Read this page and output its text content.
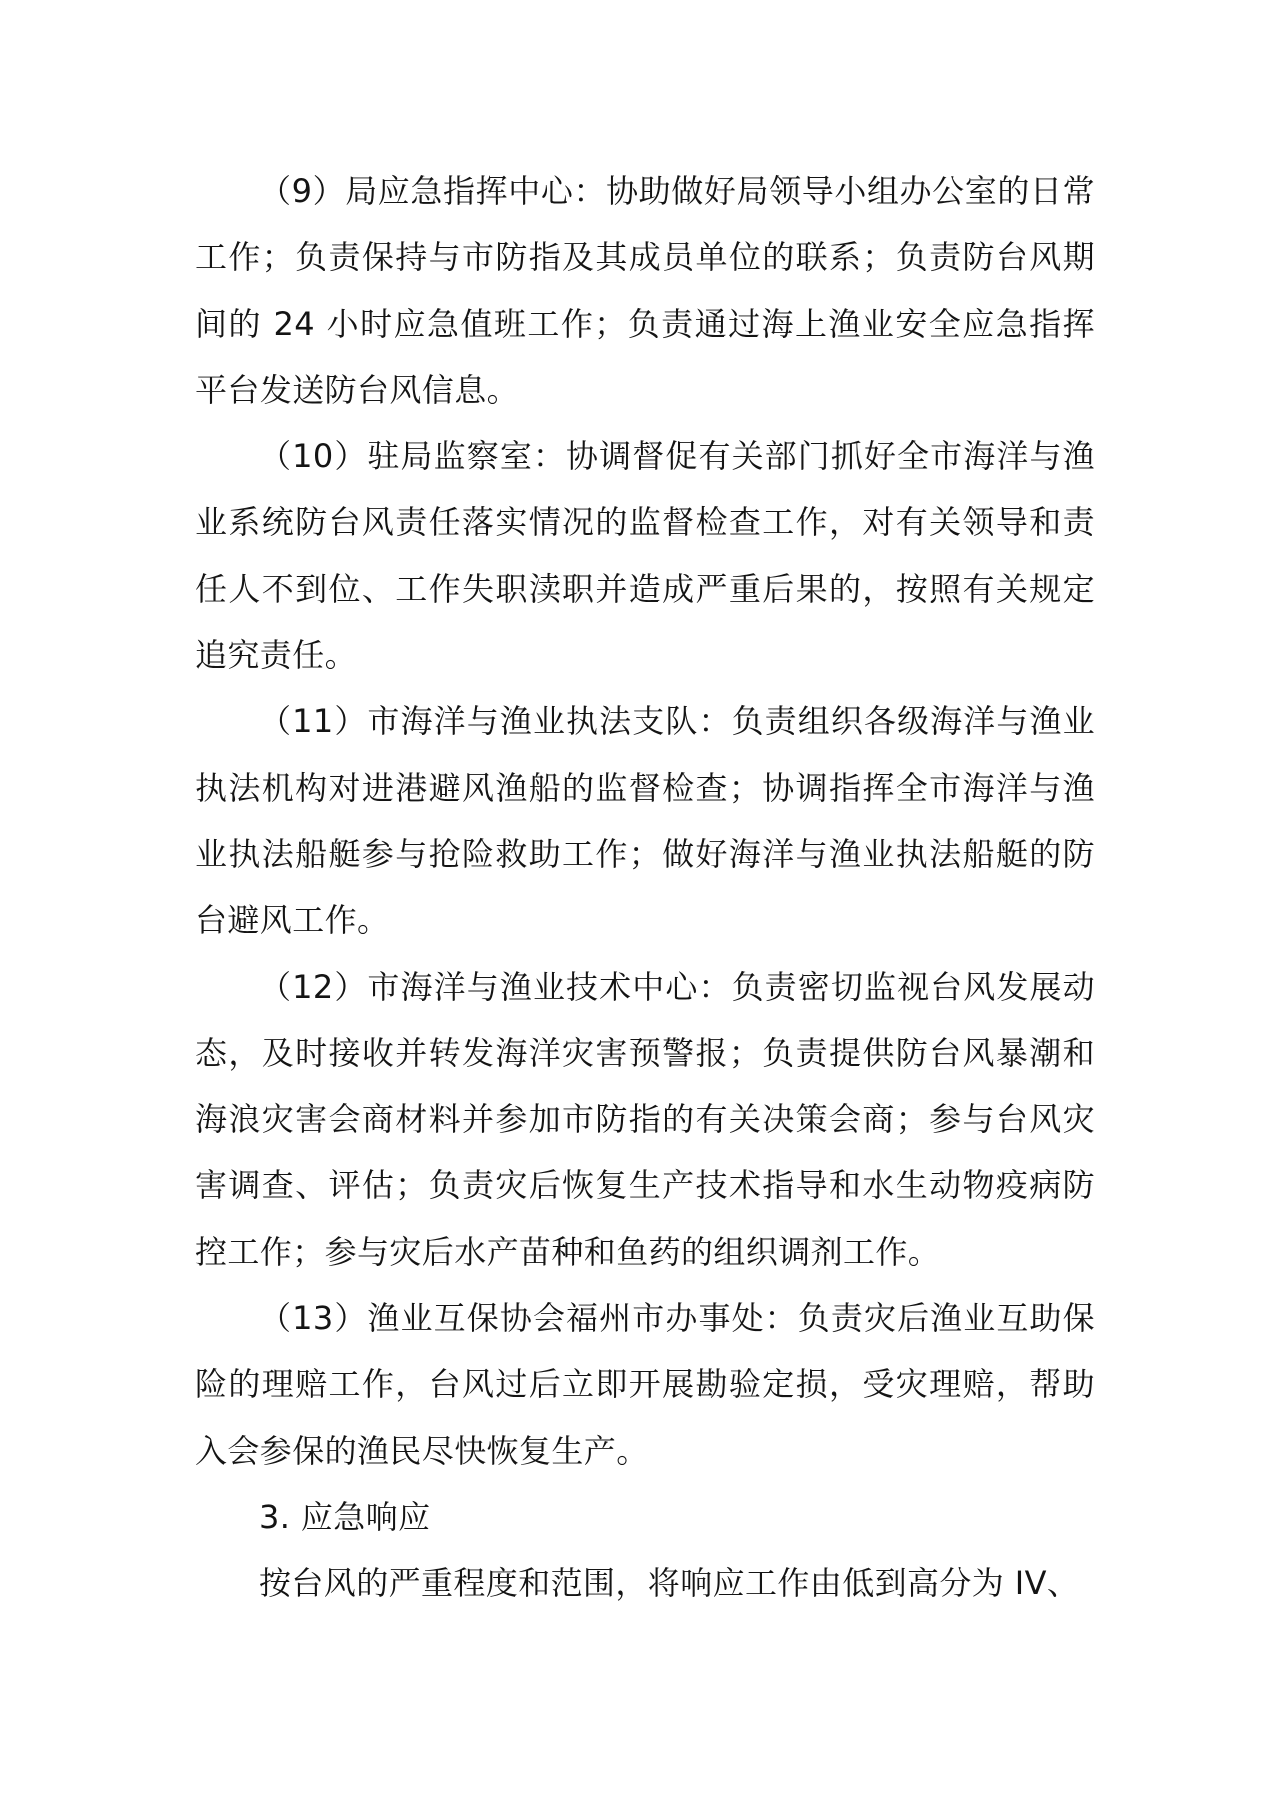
（9）局应急指挥中心：协助做好局领导小组办公室的日常工作；负责保持与市防指及其成员单位的联系；负责防台风期间的 24 小时应急值班工作；负责通过海上渔业安全应急指挥平台发送防台风信息。

（10）驻局监察室：协调督促有关部门抓好全市海洋与渔业系统防台风责任落实情况的监督检查工作，对有关领导和责任人不到位、工作失职渎职并造成严重后果的，按照有关规定追究责任。

（11）市海洋与渔业执法支队：负责组织各级海洋与渔业执法机构对进港避风渔船的监督检查；协调指挥全市海洋与渔业执法船艇参与抢险救助工作；做好海洋与渔业执法船艇的防台避风工作。

（12）市海洋与渔业技术中心：负责密切监视台风发展动态，及时接收并转发海洋灾害预警报；负责提供防台风暴潮和海浪灾害会商材料并参加市防指的有关决策会商；参与台风灾害调查、评估；负责灾后恢复生产技术指导和水生动物疫病防控工作；参与灾后水产苗种和鱼药的组织调剂工作。

（13）渔业互保协会福州市办事处：负责灾后渔业互助保险的理赔工作，台风过后立即开展勘验定损，受灾理赔，帮助入会参保的渔民尽快恢复生产。

3. 应急响应

按台风的严重程度和范围，将响应工作由低到高分为 IV、
